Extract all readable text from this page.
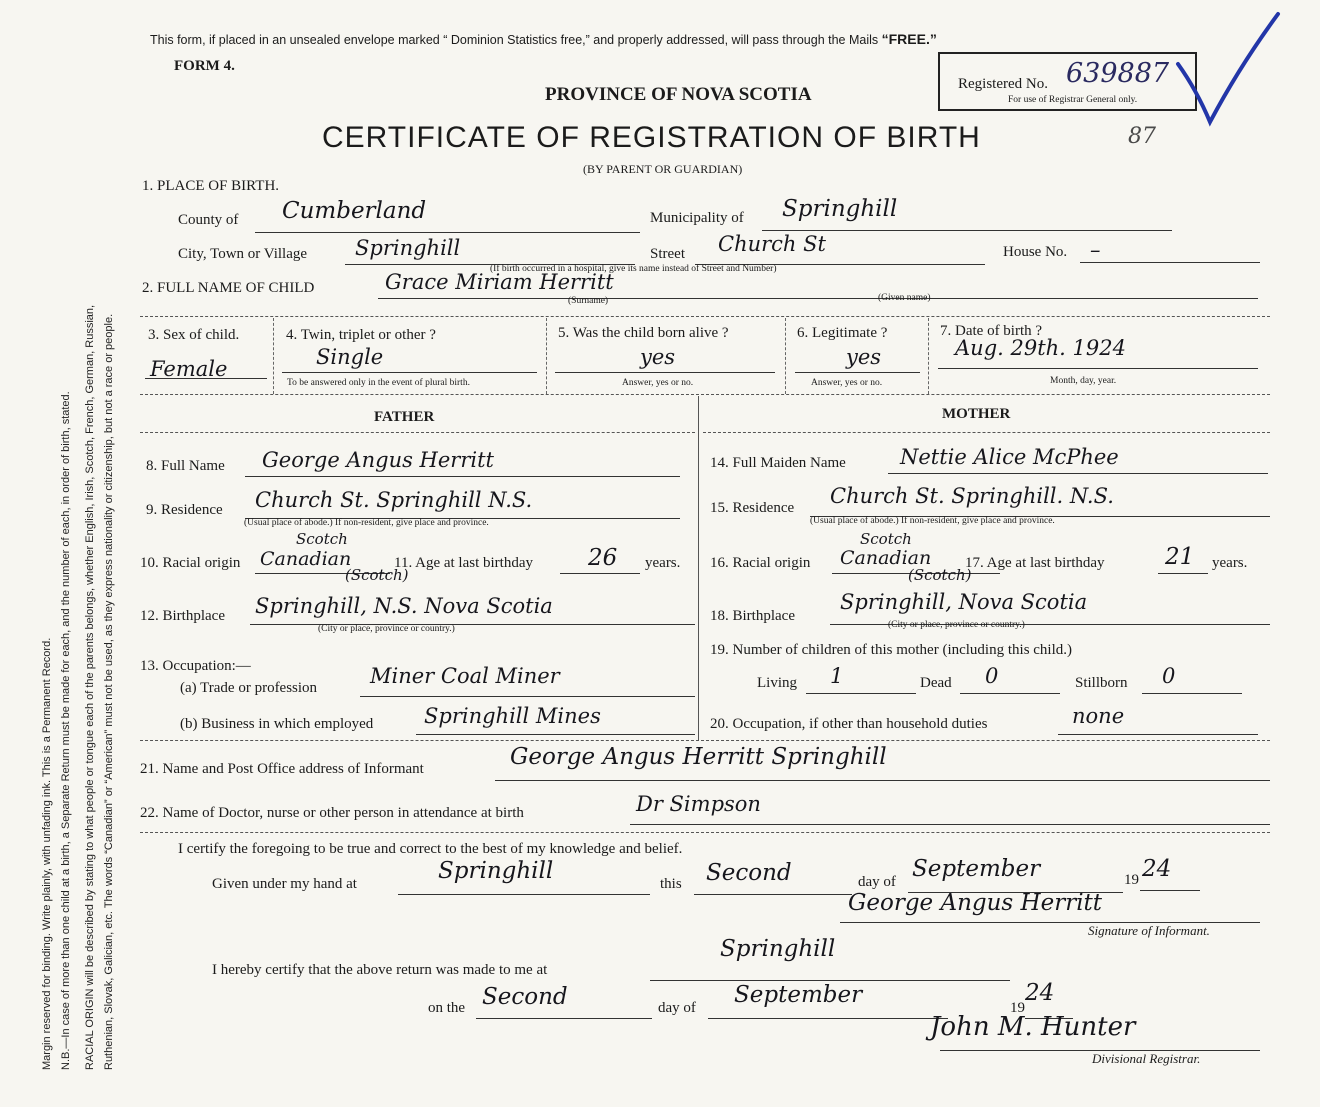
Margin reserved for binding. Write plainly, with unfading ink. This is a Permanent Record. N.B.—In case of more than one child at a birth, a Separate Return must be made for each, and the number of each, in order of birth, stated. RACIAL ORIGIN will be described by stating to what people or tongue each of the parents belongs, whether English, Irish, Scotch, French, German, Russian, Ruthenian, Slovak, Galician, etc. The words “Canadian” or “American” must not be used, as they express nationality or citizenship, but not a race or people.
This form, if placed in an unsealed envelope marked “ Dominion Statistics free,” and properly addressed, will pass through the Mails “FREE.”
FORM 4.
Registered No. 639887
For use of Registrar General only.
PROVINCE OF NOVA SCOTIA
CERTIFICATE OF REGISTRATION OF BIRTH	87
(BY PARENT OR GUARDIAN)
1. PLACE OF BIRTH.
County of Cumberland	Municipality of Springhill
City, Town or Village Springhill	Street Church St
(If birth occurred in a hospital, give its name instead of Street and Number)
House No. –
2. FULL NAME OF CHILD	Grace Miriam Herritt
(Surname)	(Given name)
3. Sex of child.
Female
4. Twin, triplet or other ?
Single
To be answered only in the event of plural birth.
5. Was the child born alive ?
yes
Answer, yes or no.
6. Legitimate ?
yes
Answer, yes or no.
7. Date of birth ?
Aug. 29th. 1924
Month, day, year.
FATHER	MOTHER
8. Full Name George Angus Herritt
9. Residence Church St. Springhill N.S.
(Usual place of abode.) If non-resident, give place and province.
Scotch
10. Racial origin Canadian
(Scotch)
11. Age at last birthday 26 years.
12. Birthplace Springhill, N.S. Nova Scotia
(City or place, province or country.)
13. Occupation:—
(a) Trade or profession	Miner Coal Miner
(b) Business in which employed Springhill Mines
14. Full Maiden Name	Nettie Alice McPhee
15. Residence Church St. Springhill. N.S.
(Usual place of abode.) If non-resident, give place and province.
Scotch
16. Racial origin Canadian
(Scotch)
17. Age at last birthday	21 years.
18. Birthplace
Springhill, Nova Scotia
(City or place, province or country.)
19. Number of children of this mother (including this child.)
Living 1	Dead 0	Stillborn 0
20. Occupation, if other than household duties	none
21. Name and Post Office address of Informant	George Angus Herritt Springhill
22. Name of Doctor, nurse or other person in attendance at birth	Dr Simpson
I certify the foregoing to be true and correct to the best of my knowledge and belief.
Given under my hand at	Springhill	this Second	day of September	19 24
George Angus Herritt
Signature of Informant.
Springhill
I hereby certify that the above return was made to me at
on the Second	day of September	19
24
John M. Hunter
Divisional Registrar.
